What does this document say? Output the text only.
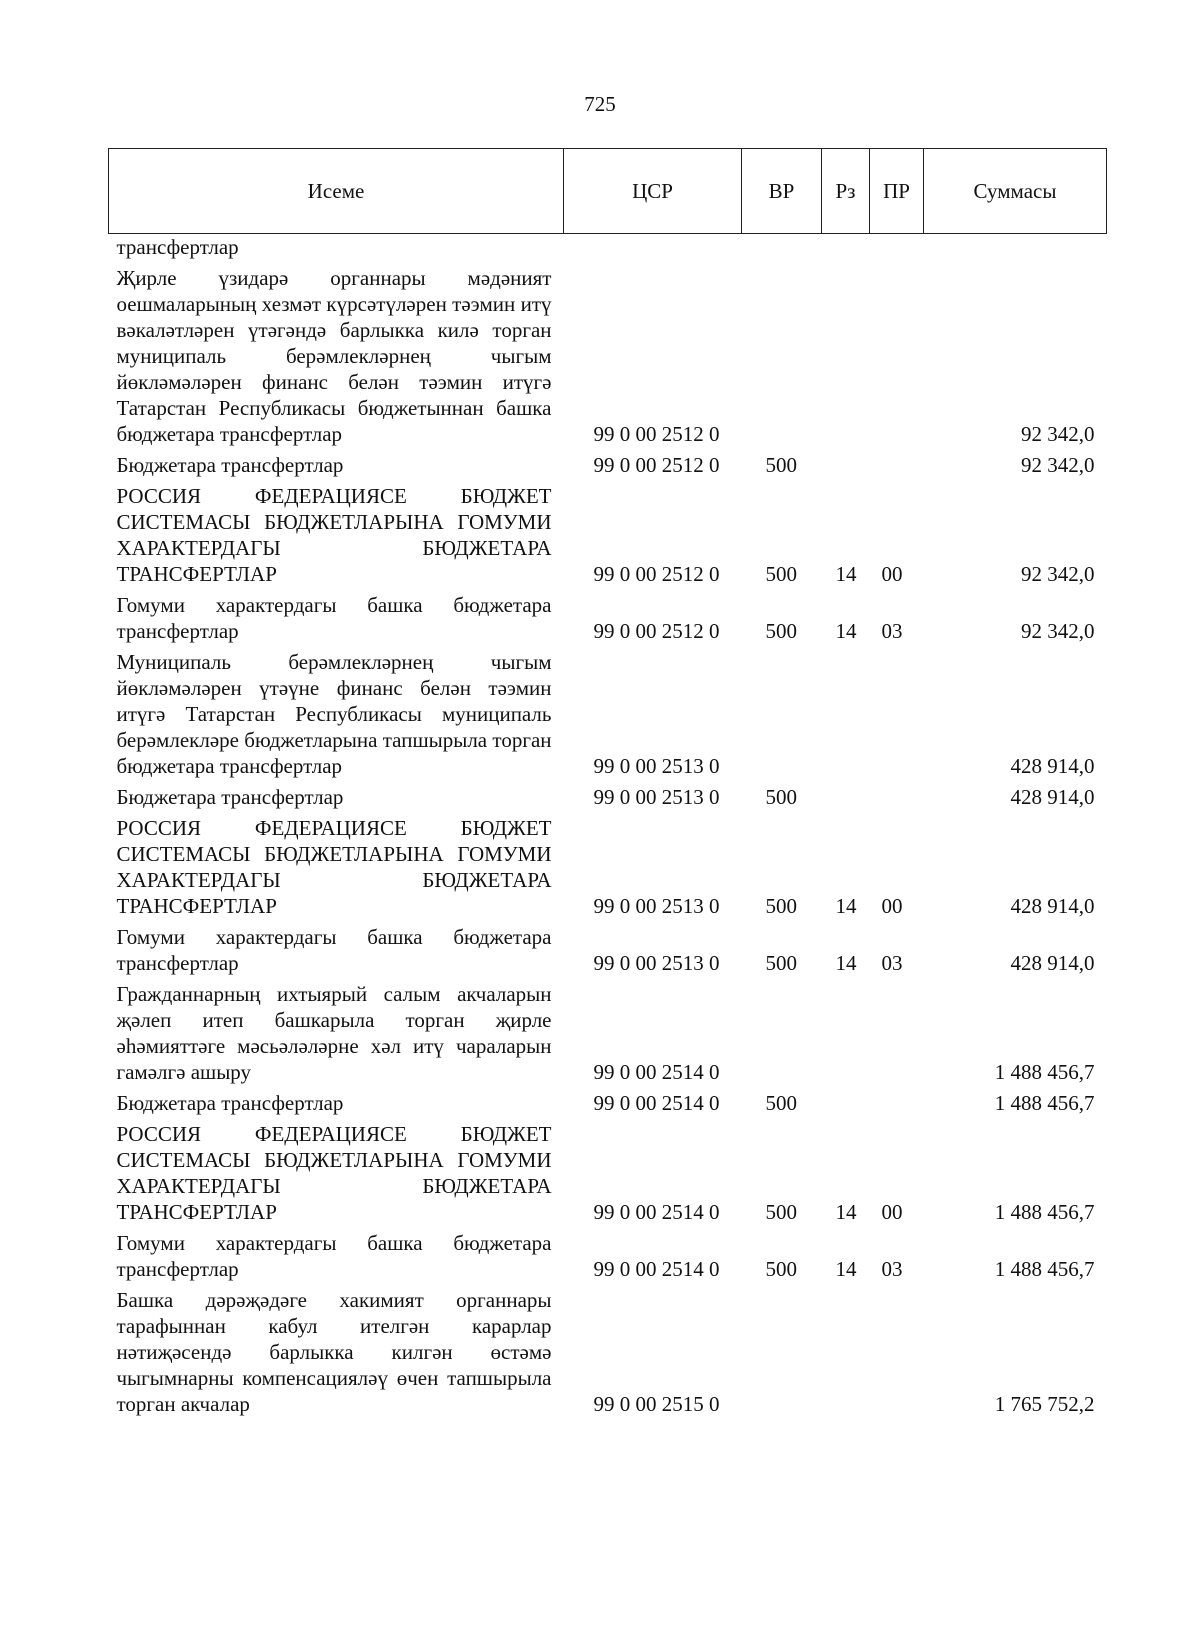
725
Исеме	ЦСР	ВР	Рз	ПР	Суммасы
трансфертлар					
Җирле үзидарә органнары мәдәният оешмаларының хезмәт күрсәтүләрен тәэмин итү вәкаләтләрен үтәгәндә барлыкка килә торган муниципаль берәмлекләрнең чыгым йөкләмәләрен финанс белән тәэмин итүгә Татарстан Республикасы бюджетыннан башка бюджетара трансфертлар	99 0 00 2512 0				92 342,0
Бюджетара трансфертлар	99 0 00 2512 0	500			92 342,0
РОССИЯ ФЕДЕРАЦИЯСЕ БЮДЖЕТ СИСТЕМАСЫ БЮДЖЕТЛАРЫНА ГОМУМИ ХАРАКТЕРДАГЫ БЮДЖЕТАРА ТРАНСФЕРТЛАР	99 0 00 2512 0	500	14	00	92 342,0
Гомуми характердагы башка бюджетара трансфертлар	99 0 00 2512 0	500	14	03	92 342,0
Муниципаль берәмлекләрнең чыгым йөкләмәләрен үтәүне финанс белән тәэмин итүгә Татарстан Республикасы муниципаль берәмлекләре бюджетларына тапшырыла торган бюджетара трансфертлар	99 0 00 2513 0				428 914,0
Бюджетара трансфертлар	99 0 00 2513 0	500			428 914,0
РОССИЯ ФЕДЕРАЦИЯСЕ БЮДЖЕТ СИСТЕМАСЫ БЮДЖЕТЛАРЫНА ГОМУМИ ХАРАКТЕРДАГЫ БЮДЖЕТАРА ТРАНСФЕРТЛАР	99 0 00 2513 0	500	14	00	428 914,0
Гомуми характердагы башка бюджетара трансфертлар	99 0 00 2513 0	500	14	03	428 914,0
Гражданнарның ихтыярый салым акчаларын җәлеп итеп башкарыла торган җирле әһәмияттәге мәсьәләләрне хәл итү чараларын гамәлгә ашыру	99 0 00 2514 0				1 488 456,7
Бюджетара трансфертлар	99 0 00 2514 0	500			1 488 456,7
РОССИЯ ФЕДЕРАЦИЯСЕ БЮДЖЕТ СИСТЕМАСЫ БЮДЖЕТЛАРЫНА ГОМУМИ ХАРАКТЕРДАГЫ БЮДЖЕТАРА ТРАНСФЕРТЛАР	99 0 00 2514 0	500	14	00	1 488 456,7
Гомуми характердагы башка бюджетара трансфертлар	99 0 00 2514 0	500	14	03	1 488 456,7
Башка дәрәҗәдәге хакимият органнары тарафыннан кабул ителгән карарлар нәтиҗәсендә барлыкка килгән өстәмә чыгымнарны компенсацияләү өчен тапшырыла торган акчалар	99 0 00 2515 0				1 765 752,2
